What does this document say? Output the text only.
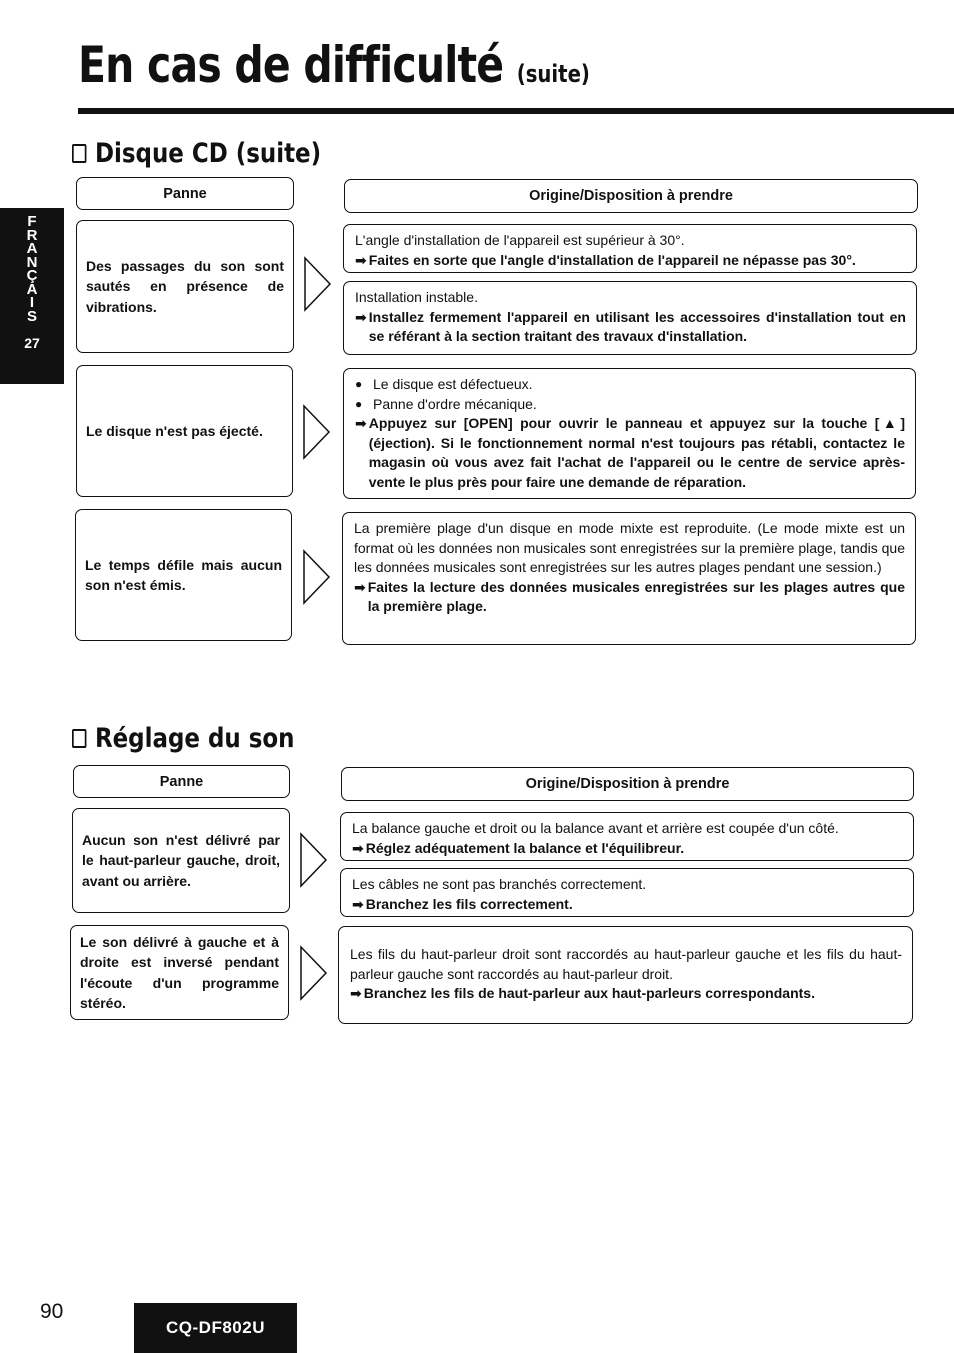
En cas de difficulté (suite)
F
R
A
N
Ç
A
I
S
27
Disque CD (suite)
Panne	Origine/Disposition à prendre
Des passages du son sont sautés en présence de vibrations.
L'angle d'installation de l'appareil est supérieur à 30°.
➡ Faites en sorte que l'angle d'installation de l'appareil ne népasse pas 30°.
Installation instable.
➡ Installez fermement l'appareil en utilisant les accessoires d'installation tout en se référant à la section traitant des travaux d'installation.
Le disque n'est pas éjecté.
● Le disque est défectueux.
● Panne d'ordre mécanique.
➡ Appuyez sur [OPEN] pour ouvrir le panneau et appuyez sur la touche [▲] (éjection). Si le fonctionnement normal n'est toujours pas rétabli, contactez le magasin où vous avez fait l'achat de l'appareil ou le centre de service après-vente le plus près pour faire une demande de réparation.
Le temps défile mais aucun son n'est émis.
La première plage d'un disque en mode mixte est reproduite. (Le mode mixte est un format où les données non musicales sont enregistrées sur la première plage, tandis que les données musicales sont enregistrées sur les autres plages pendant une session.)
➡ Faites la lecture des données musicales enregistrées sur les plages autres que la première plage.
Réglage du son
Panne	Origine/Disposition à prendre
Aucun son n'est délivré par le haut-parleur gauche, droit, avant ou arrière.
La balance gauche et droit ou la balance avant et arrière est coupée d'un côté.
➡ Réglez adéquatement la balance et l'équilibreur.
Les câbles ne sont pas branchés correctement.
➡ Branchez les fils correctement.
Le son délivré à gauche et à droite est inversé pendant l'écoute d'un programme stéréo.
Les fils du haut-parleur droit sont raccordés au haut-parleur gauche et les fils du haut-parleur gauche sont raccordés au haut-parleur droit.
➡ Branchez les fils de haut-parleur aux haut-parleurs correspondants.
90
CQ-DF802U
